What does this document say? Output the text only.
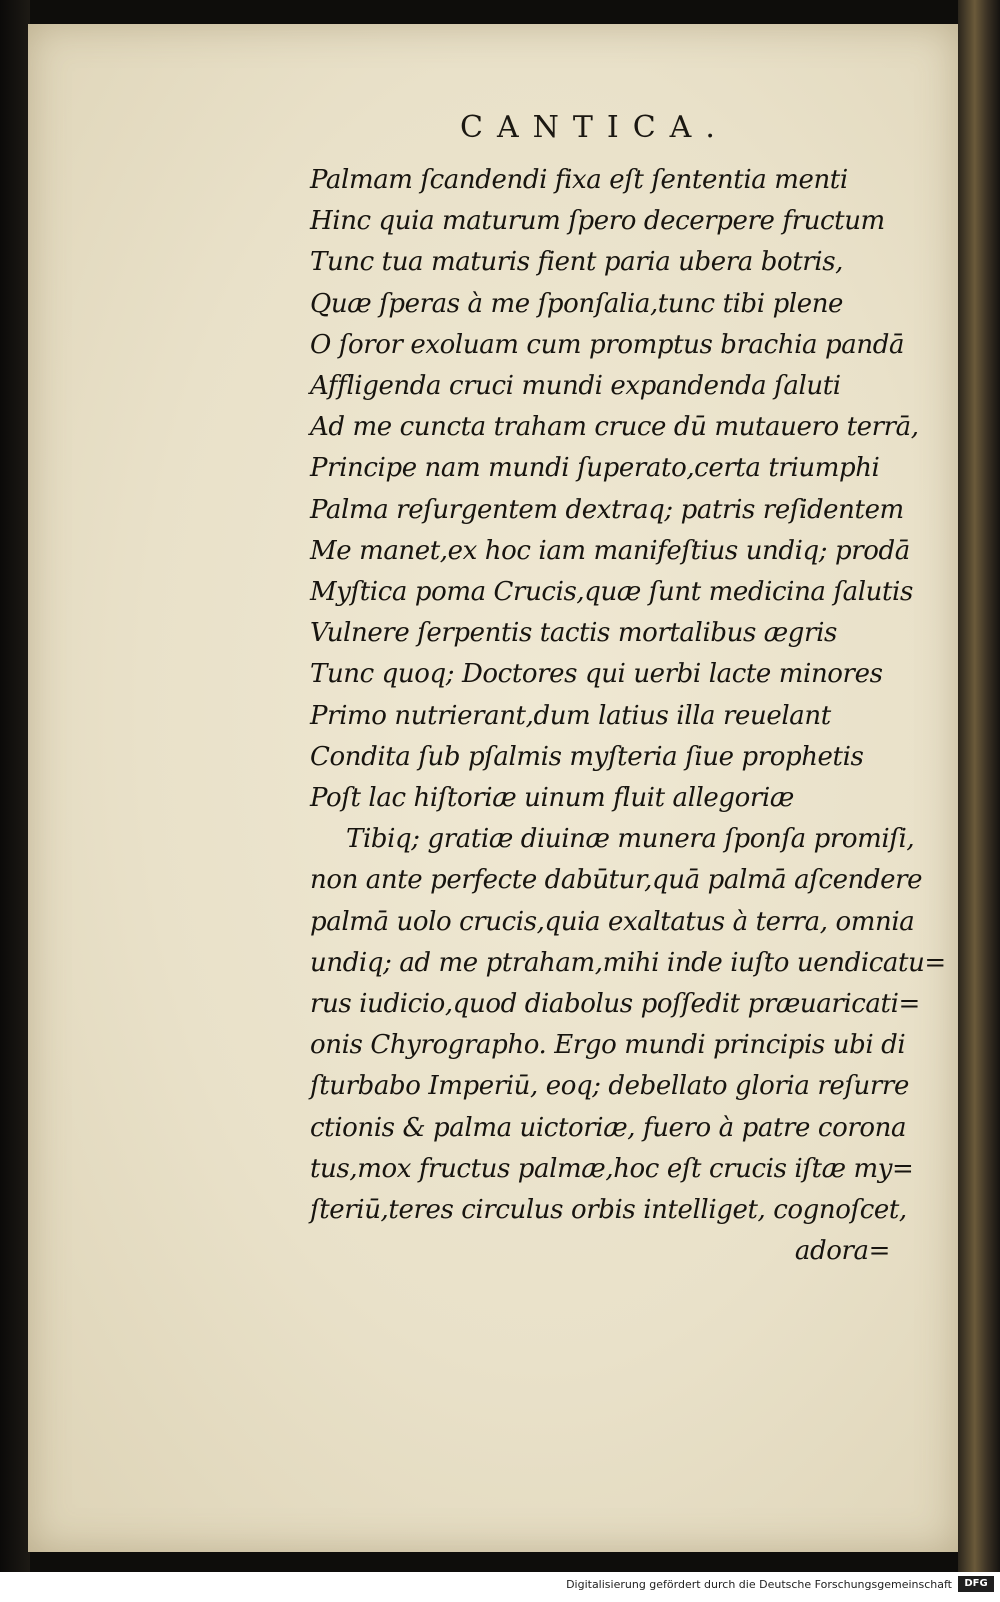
CANTICA.
Palmam ſcandendi fixa eſt ſententia menti
Hinc quia maturum ſpero decerpere fructum
Tunc tua maturis fient paria ubera botris,
Quæ ſperas à me ſponſalia,tunc tibi plene
O ſoror exoluam cum promptus brachia pandā
Affligenda cruci mundi expandenda ſaluti
Ad me cuncta traham cruce dū mutauero terrā,
Principe nam mundi ſuperato,certa triumphi
Palma reſurgentem dextraq; patris reſidentem
Me manet,ex hoc iam manifeſtius undiq; prodā
Myſtica poma Crucis,quæ ſunt medicina ſalutis
Vulnere ſerpentis tactis mortalibus ægris
Tunc quoq; Doctores qui uerbi lacte minores
Primo nutrierant,dum latius illa reuelant
Condita ſub pſalmis myſteria ſiue prophetis
Poſt lac hiſtoriæ uinum fluit allegoriæ
Tibiq; gratiæ diuinæ munera ſponſa promiſi,
non ante perfecte dabūtur,quā palmā aſcendere
palmā uolo crucis,quia exaltatus à terra, omnia
undiq; ad me ptraham,mihi inde iuſto uendicatu=
rus iudicio,quod diabolus poſſedit præuaricati=
onis Chyrographo. Ergo mundi principis ubi di
ſturbabo Imperiū, eoq; debellato gloria reſurre
ctionis & palma uictoriæ, fuero à patre corona
tus,mox fructus palmæ,hoc eſt crucis iſtæ my=
ſteriū,teres circulus orbis intelliget, cognoſcet,
adora=
Digitalisierung gefördert durch die Deutsche Forschungsgemeinschaft	DFG
